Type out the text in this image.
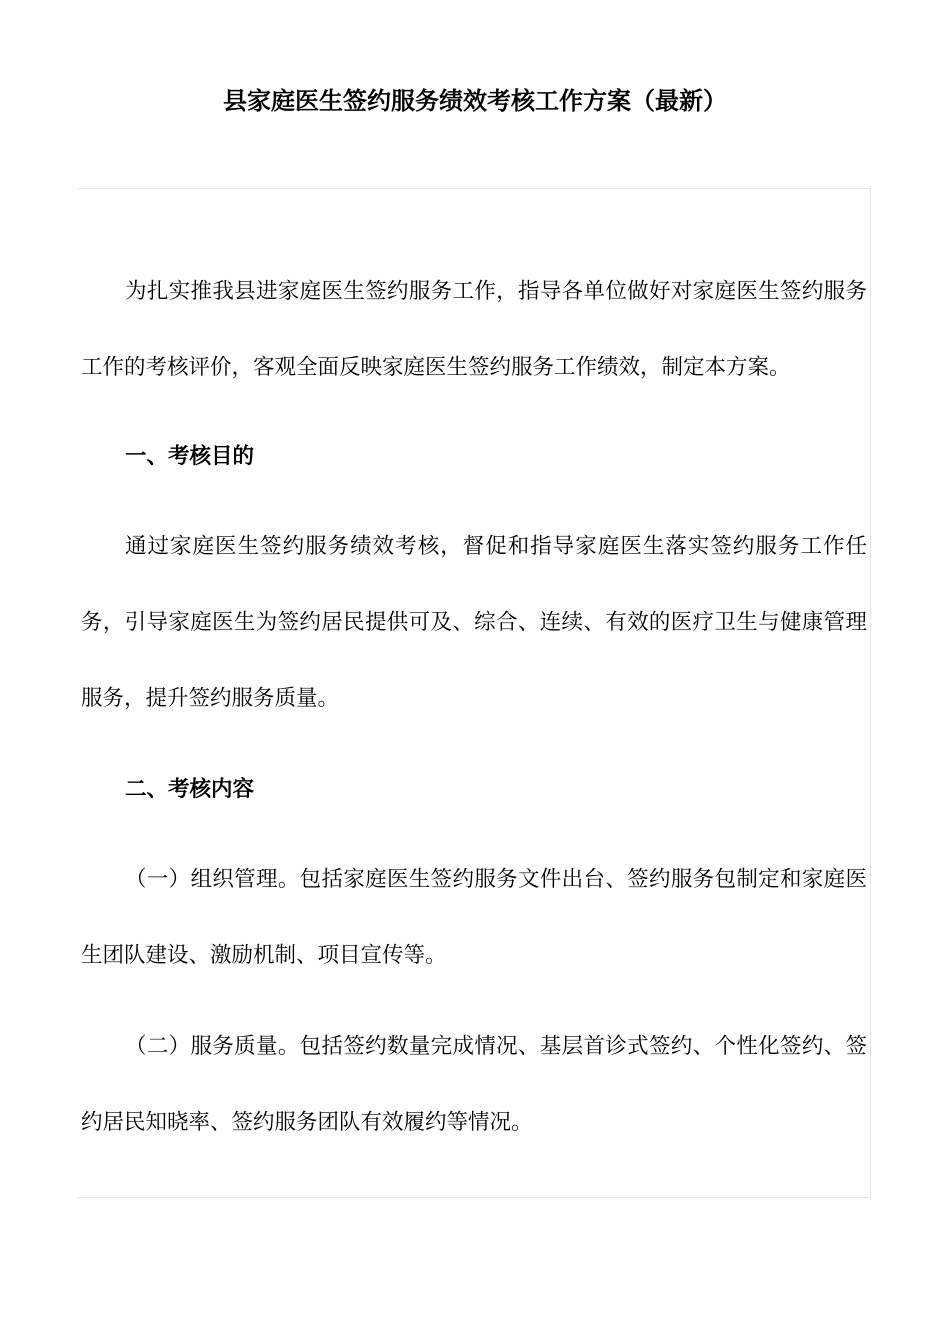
县家庭医生签约服务绩效考核工作方案（最新）
为扎实推我县进家庭医生签约服务工作，指导各单位做好对家庭医生签约服务工作的考核评价，客观全面反映家庭医生签约服务工作绩效，制定本方案。
一、考核目的
通过家庭医生签约服务绩效考核，督促和指导家庭医生落实签约服务工作任务，引导家庭医生为签约居民提供可及、综合、连续、有效的医疗卫生与健康管理服务，提升签约服务质量。
二、考核内容
（一）组织管理。包括家庭医生签约服务文件出台、签约服务包制定和家庭医生团队建设、激励机制、项目宣传等。
（二）服务质量。包括签约数量完成情况、基层首诊式签约、个性化签约、签约居民知晓率、签约服务团队有效履约等情况。
